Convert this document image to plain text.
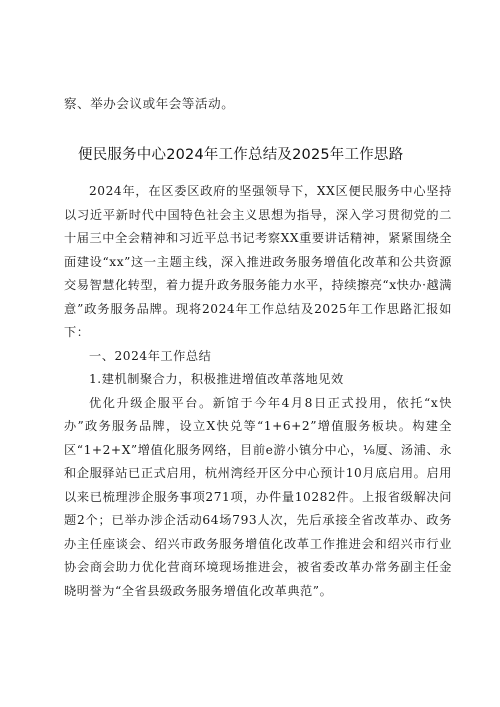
察、举办会议或年会等活动。
便民服务中心2024年工作总结及2025年工作思路

2024年，在区委区政府的坚强领导下，XX区便民服务中心坚持以习近平新时代中国特色社会主义思想为指导，深入学习贯彻党的二十届三中全会精神和习近平总书记考察XX重要讲话精神，紧紧围绕全面建设“xx”这一主题主线，深入推进政务服务增值化改革和公共资源交易智慧化转型，着力提升政务服务能力水平，持续擦亮“x快办·越满意”政务服务品牌。现将2024年工作总结及2025年工作思路汇报如下：

一、2024年工作总结

1.建机制聚合力，积极推进增值改革落地见效

优化升级企服平台。新馆于今年4月8日正式投用，依托“x快办”政务服务品牌，设立X快兑等“1+6+2”增值服务板块。构建全区“1+2+X”增值化服务网络，目前e游小镇分中心，⅛厦、汤浦、永和企服驿站已正式启用，杭州湾经开区分中心预计10月底启用。启用以来已梳理涉企服务事项271项，办件量10282件。上报省级解决问题2个；已举办涉企活动64场793人次，先后承接全省改革办、政务办主任座谈会、绍兴市政务服务增值化改革工作推进会和绍兴市行业协会商会助力优化营商环境现场推进会，被省委改革办常务副主任金晓明誉为“全省县级政务服务增值化改革典范”。
